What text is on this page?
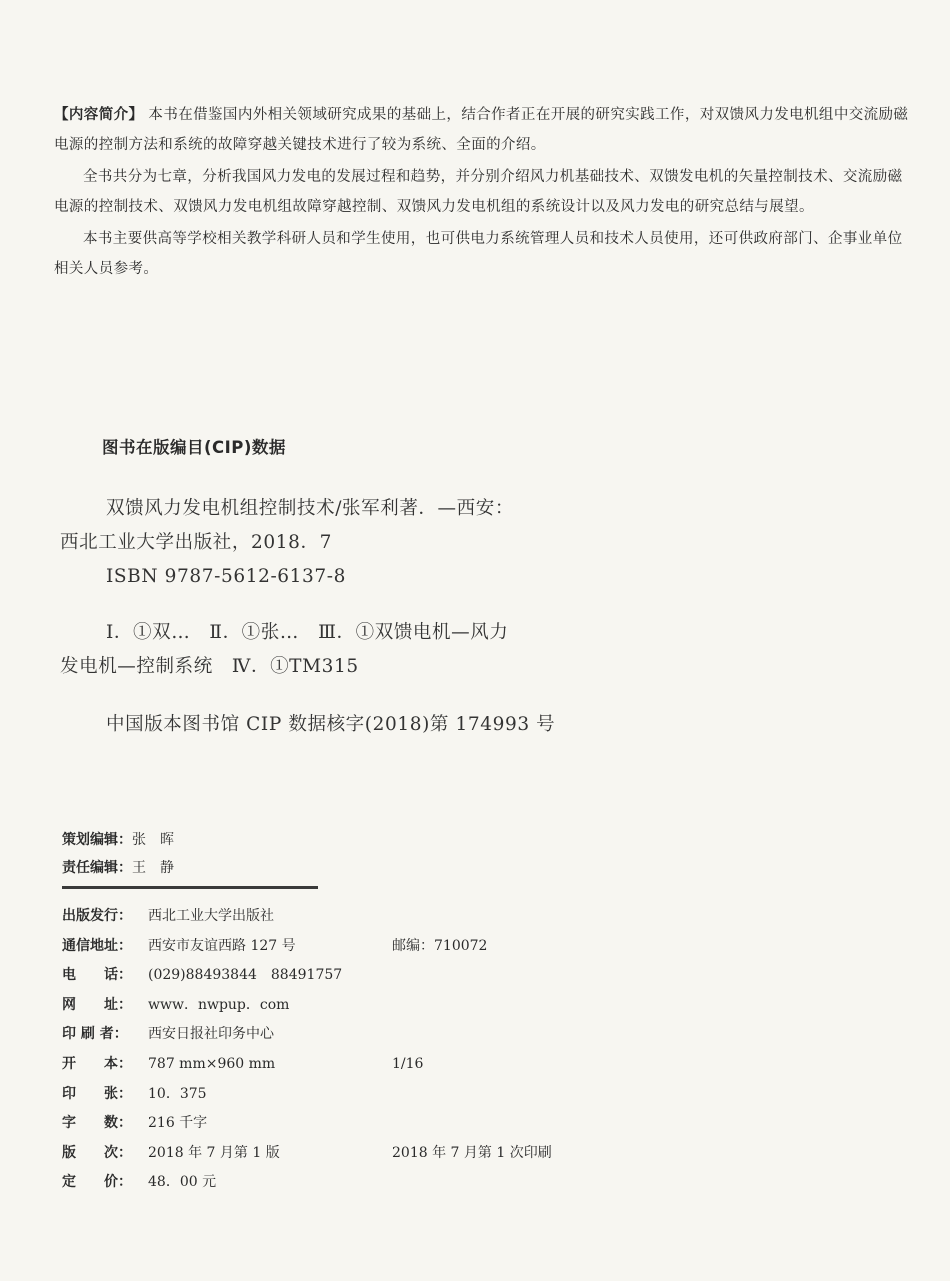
【内容简介】 本书在借鉴国内外相关领域研究成果的基础上，结合作者正在开展的研究实践工作，对双馈风力发电机组中交流励磁电源的控制方法和系统的故障穿越关键技术进行了较为系统、全面的介绍。

全书共分为七章，分析我国风力发电的发展过程和趋势，并分别介绍风力机基础技术、双馈发电机的矢量控制技术、交流励磁电源的控制技术、双馈风力发电机组故障穿越控制、双馈风力发电机组的系统设计以及风力发电的研究总结与展望。

本书主要供高等学校相关教学科研人员和学生使用，也可供电力系统管理人员和技术人员使用，还可供政府部门、企事业单位相关人员参考。

图书在版编目(CIP)数据
双馈风力发电机组控制技术/张军利著．—西安：
西北工业大学出版社，2018．7
ISBN 9787-5612-6137-8
Ⅰ．①双…　Ⅱ．①张…　Ⅲ．①双馈电机—风力
发电机—控制系统　Ⅳ．①TM315
中国版本图书馆 CIP 数据核字(2018)第 174993 号
策划编辑：张　晖
责任编辑：王　静
出版发行： 西北工业大学出版社
通信地址： 西安市友谊西路 127 号	邮编：710072
电　　话： (029)88493844　88491757
网　　址： www．nwpup．com
印 刷 者： 西安日报社印务中心
开　　本： 787 mm×960 mm	1/16
印　　张： 10．375
字　　数： 216 千字
版　　次： 2018 年 7 月第 1 版	2018 年 7 月第 1 次印刷
定　　价： 48．00 元
